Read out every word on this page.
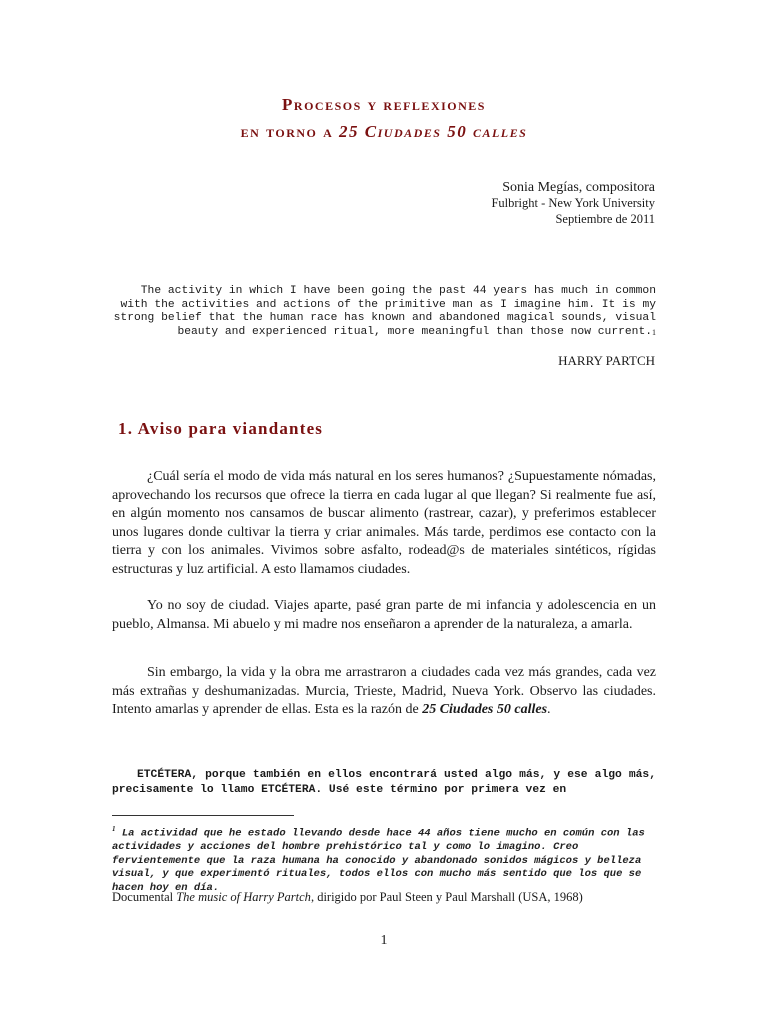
Procesos y reflexiones
en torno a 25 Ciudades 50 calles
Sonia Megías, compositora
Fulbright - New York University
Septiembre de 2011
The activity in which I have been going the past 44 years has much in common with the activities and actions of the primitive man as I imagine him. It is my strong belief that the human race has known and abandoned magical sounds, visual beauty and experienced ritual, more meaningful than those now current.$^1$
HARRY PARTCH
1. Aviso para viandantes
¿Cuál sería el modo de vida más natural en los seres humanos? ¿Supuestamente nómadas, aprovechando los recursos que ofrece la tierra en cada lugar al que llegan? Si realmente fue así, en algún momento nos cansamos de buscar alimento (rastrear, cazar), y preferimos establecer unos lugares donde cultivar la tierra y criar animales. Más tarde, perdimos ese contacto con la tierra y con los animales. Vivimos sobre asfalto, rodead@s de materiales sintéticos, rígidas estructuras y luz artificial. A esto llamamos ciudades.
Yo no soy de ciudad. Viajes aparte, pasé gran parte de mi infancia y adolescencia en un pueblo, Almansa. Mi abuelo y mi madre nos enseñaron a aprender de la naturaleza, a amarla.
Sin embargo, la vida y la obra me arrastraron a ciudades cada vez más grandes, cada vez más extrañas y deshumanizadas. Murcia, Trieste, Madrid, Nueva York. Observo las ciudades. Intento amarlas y aprender de ellas. Esta es la razón de 25 Ciudades 50 calles.
ETCÉTERA, porque también en ellos encontrará usted algo más, y ese algo más, precisamente lo llamo ETCÉTERA. Usé este término por primera vez en
$^1$ La actividad que he estado llevando desde hace 44 años tiene mucho en común con las actividades y acciones del hombre prehistórico tal y como lo imagino. Creo fervientemente que la raza humana ha conocido y abandonado sonidos mágicos y belleza visual, y que experimentó rituales, todos ellos con mucho más sentido que los que se hacen hoy en día.
Documental The music of Harry Partch, dirigido por Paul Steen y Paul Marshall (USA, 1968)
1
